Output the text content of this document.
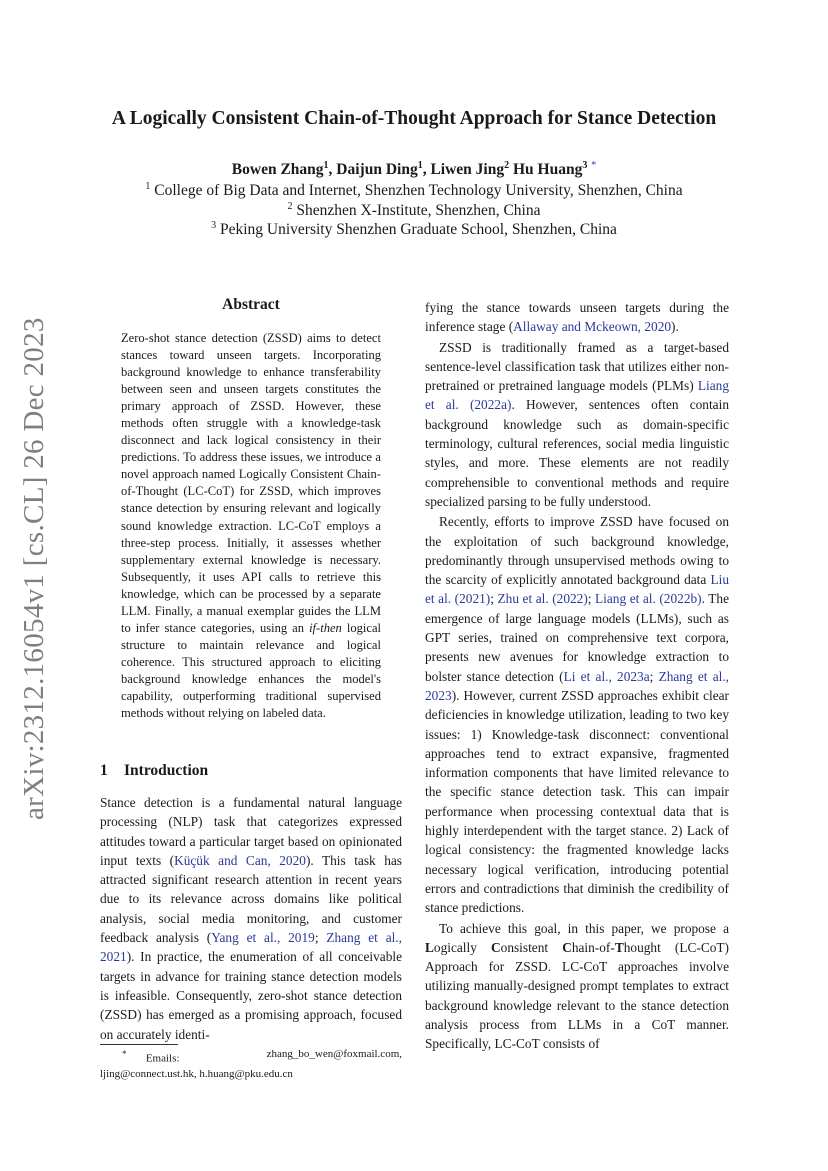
arXiv:2312.16054v1 [cs.CL] 26 Dec 2023
A Logically Consistent Chain-of-Thought Approach for Stance Detection
Bowen Zhang$^1$, Daijun Ding$^1$, Liwen Jing$^2$ Hu Huang$^3$ *
$^1$ College of Big Data and Internet, Shenzhen Technology University, Shenzhen, China
$^2$ Shenzhen X-Institute, Shenzhen, China
$^3$ Peking University Shenzhen Graduate School, Shenzhen, China
Abstract
Zero-shot stance detection (ZSSD) aims to detect stances toward unseen targets. Incorporating background knowledge to enhance transferability between seen and unseen targets constitutes the primary approach of ZSSD. However, these methods often struggle with a knowledge-task disconnect and lack logical consistency in their predictions. To address these issues, we introduce a novel approach named Logically Consistent Chain-of-Thought (LC-CoT) for ZSSD, which improves stance detection by ensuring relevant and logically sound knowledge extraction. LC-CoT employs a three-step process. Initially, it assesses whether supplementary external knowledge is necessary. Subsequently, it uses API calls to retrieve this knowledge, which can be processed by a separate LLM. Finally, a manual exemplar guides the LLM to infer stance categories, using an if-then logical structure to maintain relevance and logical coherence. This structured approach to eliciting background knowledge enhances the model's capability, outperforming traditional supervised methods without relying on labeled data.
1 Introduction
Stance detection is a fundamental natural language processing (NLP) task that categorizes expressed attitudes toward a particular target based on opinionated input texts (Küçük and Can, 2020). This task has attracted significant research attention in recent years due to its relevance across domains like political analysis, social media monitoring, and customer feedback analysis (Yang et al., 2019; Zhang et al., 2021). In practice, the enumeration of all conceivable targets in advance for training stance detection models is infeasible. Consequently, zero-shot stance detection (ZSSD) has emerged as a promising approach, focused on accurately identi-

fying the stance towards unseen targets during the inference stage (Allaway and Mckeown, 2020).

ZSSD is traditionally framed as a target-based sentence-level classification task that utilizes either non-pretrained or pretrained language models (PLMs) Liang et al. (2022a). However, sentences often contain background knowledge such as domain-specific terminology, cultural references, social media linguistic styles, and more. These elements are not readily comprehensible to conventional methods and require specialized parsing to be fully understood.

Recently, efforts to improve ZSSD have focused on the exploitation of such background knowledge, predominantly through unsupervised methods owing to the scarcity of explicitly annotated background data Liu et al. (2021); Zhu et al. (2022); Liang et al. (2022b). The emergence of large language models (LLMs), such as GPT series, trained on comprehensive text corpora, presents new avenues for knowledge extraction to bolster stance detection (Li et al., 2023a; Zhang et al., 2023). However, current ZSSD approaches exhibit clear deficiencies in knowledge utilization, leading to two key issues: 1) Knowledge-task disconnect: conventional approaches tend to extract expansive, fragmented information components that have limited relevance to the specific stance detection task. This can impair performance when processing contextual data that is highly interdependent with the target stance. 2) Lack of logical consistency: the fragmented knowledge lacks necessary logical verification, introducing potential errors and contradictions that diminish the credibility of stance predictions.

To achieve this goal, in this paper, we propose a Logically Consistent Chain-of-Thought (LC-CoT) Approach for ZSSD. LC-CoT approaches involve utilizing manually-designed prompt templates to extract background knowledge relevant to the stance detection analysis process from LLMs in a CoT manner. Specifically, LC-CoT consists of

* Emails:	zhang_bo_wen@foxmail.com,
ljing@connect.ust.hk, h.huang@pku.edu.cn
